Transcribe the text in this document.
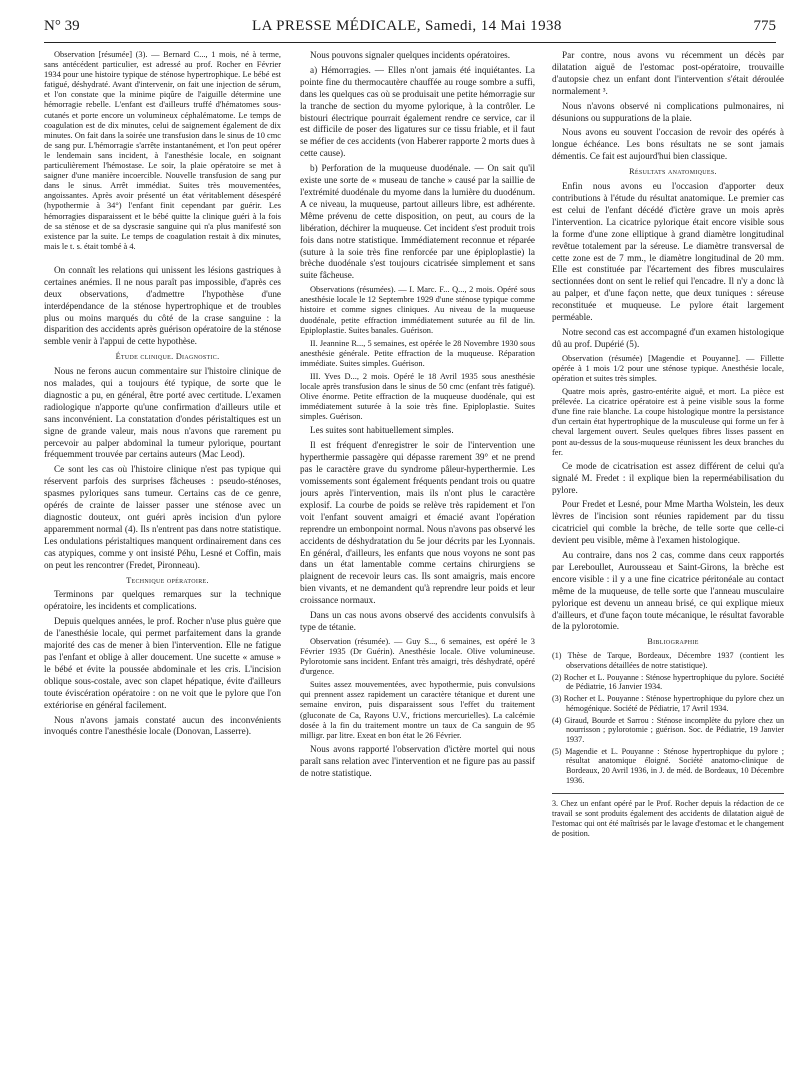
N° 39	LA PRESSE MÉDICALE, Samedi, 14 Mai 1938	775

Observation [résumée] (3). — Bernard C..., 1 mois, né à terme, sans antécédent particulier, est adressé au prof. Rocher en Février 1934 pour une histoire typique de sténose hypertrophique. Le bébé est fatigué, déshydraté. Avant d'intervenir, on fait une injection de sérum, et l'on constate que la minime piqûre de l'aiguille détermine une hémorragie rebelle. L'enfant est d'ailleurs truffé d'hématomes sous-cutanés et porte encore un volumineux céphalématome. Le temps de coagulation est de dix minutes, celui de saignement également de dix minutes. On fait dans la soirée une transfusion dans le sinus de 10 cmc de sang pur. L'hémorragie s'arrête instantanément, et l'on peut opérer le lendemain sans incident, à l'anesthésie locale, en soignant particulièrement l'hémostase. Le soir, la plaie opératoire se met à saigner d'une manière incoercible. Nouvelle transfusion de sang pur dans le sinus. Arrêt immédiat. Suites très mouvementées, angoissantes. Après avoir présenté un état véritablement désespéré (hypothermie à 34°) l'enfant finit cependant par guérir. Les hémorragies disparaissent et le bébé quitte la clinique guéri à la fois de sa sténose et de sa dyscrasie sanguine qui n'a plus manifesté son existence par la suite. Le temps de coagulation restait à dix minutes, mais le t. s. était tombé à 4.

On connaît les relations qui unissent les lésions gastriques à certaines anémies. Il ne nous paraît pas impossible, d'après ces deux observations, d'admettre l'hypothèse d'une interdépendance de la sténose hypertrophique et de troubles plus ou moins marqués du côté de la crase sanguine : la disparition des accidents après guérison opératoire de la sténose semble venir à l'appui de cette hypothèse.

Étude clinique. Diagnostic.

Nous ne ferons aucun commentaire sur l'histoire clinique de nos malades, qui a toujours été typique, de sorte que le diagnostic a pu, en général, être porté avec certitude. L'examen radiologique n'apporte qu'une confirmation d'ailleurs utile et sans inconvénient. La constatation d'ondes péristaltiques est un signe de grande valeur, mais nous n'avons que rarement pu percevoir au palper abdominal la tumeur pylorique, pourtant fréquemment trouvée par certains auteurs (Mac Leod).

Ce sont les cas où l'histoire clinique n'est pas typique qui réservent parfois des surprises fâcheuses : pseudo-sténoses, spasmes pyloriques sans tumeur. Certains cas de ce genre, opérés de crainte de laisser passer une sténose avec un diagnostic douteux, ont guéri après incision d'un pylore apparemment normal (4). Ils n'entrent pas dans notre statistique. Les ondulations péristaltiques manquent ordinairement dans ces cas atypiques, comme y ont insisté Péhu, Lesné et Coffin, mais on peut les rencontrer (Fredet, Pironneau).

Technique opératoire.

Terminons par quelques remarques sur la technique opératoire, les incidents et complications.

Depuis quelques années, le prof. Rocher n'use plus guère que de l'anesthésie locale, qui permet parfaitement dans la grande majorité des cas de mener à bien l'intervention. Elle ne fatigue pas l'enfant et oblige à aller doucement. Une sucette « amuse » le bébé et évite la poussée abdominale et les cris. L'incision oblique sous-costale, avec son clapet hépatique, évite d'ailleurs toute éviscération opératoire : on ne voit que le pylore que l'on extériorise en général facilement.

Nous n'avons jamais constaté aucun des inconvénients invoqués contre l'anesthésie locale (Donovan, Lasserre).

Nous pouvons signaler quelques incidents opératoires.

a) Hémorragies. — Elles n'ont jamais été inquiétantes. La pointe fine du thermocautère chauffée au rouge sombre a suffi, dans les quelques cas où se produisait une petite hémorragie sur la tranche de section du myome pylorique, à la contrôler. Le bistouri électrique pourrait également rendre ce service, car il est difficile de poser des ligatures sur ce tissu friable, et il faut se méfier de ces accidents (von Haberer rapporte 2 morts dues à cette cause).

b) Perforation de la muqueuse duodénale. — On sait qu'il existe une sorte de « museau de tanche » causé par la saillie de l'extrémité duodénale du myome dans la lumière du duodénum. A ce niveau, la muqueuse, partout ailleurs libre, est adhérente. Même prévenu de cette disposition, on peut, au cours de la libération, déchirer la muqueuse. Cet incident s'est produit trois fois dans notre statistique. Immédiatement reconnue et réparée (suture à la soie très fine renforcée par une épiploplastie) la brèche duodénale s'est toujours cicatrisée simplement et sans suite fâcheuse.

Observations (résumées). — I. Marc. F... Q..., 2 mois. Opéré sous anesthésie locale le 12 Septembre 1929 d'une sténose typique comme histoire et comme signes cliniques. Au niveau de la muqueuse duodénale, petite effraction immédiatement suturée au fil de lin. Epiploplastie. Suites banales. Guérison.

II. Jeannine R..., 5 semaines, est opérée le 28 Novembre 1930 sous anesthésie générale. Petite effraction de la muqueuse. Réparation immédiate. Suites simples. Guérison.

III. Yves D..., 2 mois. Opéré le 18 Avril 1935 sous anesthésie locale après transfusion dans le sinus de 50 cmc (enfant très fatigué). Olive énorme. Petite effraction de la muqueuse duodénale, qui est immédiatement suturée à la soie très fine. Epiploplastie. Suites simples. Guérison.

Les suites sont habituellement simples.

Il est fréquent d'enregistrer le soir de l'intervention une hyperthermie passagère qui dépasse rarement 39° et ne prend pas le caractère grave du syndrome pâleur-hyperthermie. Les vomissements sont également fréquents pendant trois ou quatre jours après l'intervention, mais ils n'ont plus le caractère explosif. La courbe de poids se relève très rapidement et l'on voit l'enfant souvent amaigri et émacié avant l'opération reprendre un embonpoint normal. Nous n'avons pas observé les accidents de déshydratation du 5e jour décrits par les Lyonnais. En général, d'ailleurs, les enfants que nous voyons ne sont pas dans un état lamentable comme certains chirurgiens se plaignent de recevoir leurs cas. Ils sont amaigris, mais encore bien vivants, et ne demandent qu'à reprendre leur poids et leur croissance normaux.

Dans un cas nous avons observé des accidents convulsifs à type de tétanie.

Observation (résumée). — Guy S..., 6 semaines, est opéré le 3 Février 1935 (Dr Guérin). Anesthésie locale. Olive volumineuse. Pylorotomie sans incident. Enfant très amaigri, très déshydraté, opéré d'urgence.

Suites assez mouvementées, avec hypothermie, puis convulsions qui prennent assez rapidement un caractère tétanique et durent une semaine environ, puis disparaissent sous l'effet du traitement (gluconate de Ca, Rayons U.V., frictions mercurielles). La calcémie dosée à la fin du traitement montre un taux de Ca sanguin de 95 milligr. par litre. Exeat en bon état le 26 Février.

Nous avons rapporté l'observation d'ictère mortel qui nous paraît sans relation avec l'intervention et ne figure pas au passif de notre statistique.

Par contre, nous avons vu récemment un décès par dilatation aiguë de l'estomac post-opératoire, trouvaille d'autopsie chez un enfant dont l'intervention s'était déroulée normalement ³.

Nous n'avons observé ni complications pulmonaires, ni désunions ou suppurations de la plaie.

Nous avons eu souvent l'occasion de revoir des opérés à longue échéance. Les bons résultats ne se sont jamais démentis. Ce fait est aujourd'hui bien classique.

Résultats anatomiques.

Enfin nous avons eu l'occasion d'apporter deux contributions à l'étude du résultat anatomique. Le premier cas est celui de l'enfant décédé d'ictère grave un mois après l'intervention. La cicatrice pylorique était encore visible sous la forme d'une zone elliptique à grand diamètre longitudinal revêtue totalement par la séreuse. Le diamètre transversal de cette zone est de 7 mm., le diamètre longitudinal de 20 mm. Elle est constituée par l'écartement des fibres musculaires sectionnées dont on sent le relief qui l'encadre. Il n'y a donc là au palper, et d'une façon nette, que deux tuniques : séreuse reconstituée et muqueuse. Le pylore était largement perméable.

Notre second cas est accompagné d'un examen histologique dû au prof. Dupérié (5).

Observation (résumée) [Magendie et Pouyanne]. — Fillette opérée à 1 mois 1/2 pour une sténose typique. Anesthésie locale, opération et suites très simples.

Quatre mois après, gastro-entérite aiguë, et mort. La pièce est prélevée. La cicatrice opératoire est à peine visible sous la forme d'une fine raie blanche. La coupe histologique montre la persistance d'un certain état hypertrophique de la musculeuse qui forme un fer à cheval largement ouvert. Seules quelques fibres lisses passent en pont au-dessus de la sous-muqueuse réunissent les deux branches du fer.

Ce mode de cicatrisation est assez différent de celui qu'a signalé M. Fredet : il explique bien la reperméabilisation du pylore.

Pour Fredet et Lesné, pour Mme Martha Wolstein, les deux lèvres de l'incision sont réunies rapidement par du tissu cicatriciel qui comble la brèche, de telle sorte que celle-ci devient peu visible, même à l'examen histologique.

Au contraire, dans nos 2 cas, comme dans ceux rapportés par Lereboullet, Aurousseau et Saint-Girons, la brèche est encore visible : il y a une fine cicatrice péritonéale au contact même de la muqueuse, de telle sorte que l'anneau musculaire pylorique est devenu un anneau brisé, ce qui explique mieux d'ailleurs, et d'une façon toute mécanique, le résultat favorable de la pylorotomie.

Bibliographie

(1) Thèse de Tarque, Bordeaux, Décembre 1937 (contient les observations détaillées de notre statistique).
(2) Rocher et L. Pouyanne : Sténose hypertrophique du pylore. Société de Pédiatrie, 16 Janvier 1934.
(3) Rocher et L. Pouyanne : Sténose hypertrophique du pylore chez un hémogénique. Société de Pédiatrie, 17 Avril 1934.
(4) Giraud, Bourde et Sarrou : Sténose incomplète du pylore chez un nourrisson ; pylorotomie ; guérison. Soc. de Pédiatrie, 19 Janvier 1937.
(5) Magendie et L. Pouyanne : Sténose hypertrophique du pylore ; résultat anatomique éloigné. Société anatomo-clinique de Bordeaux, 20 Avril 1936, in J. de méd. de Bordeaux, 10 Décembre 1936.

3. Chez un enfant opéré par le Prof. Rocher depuis la rédaction de ce travail se sont produits également des accidents de dilatation aiguë de l'estomac qui ont été maîtrisés par le lavage d'estomac et le changement de position.
